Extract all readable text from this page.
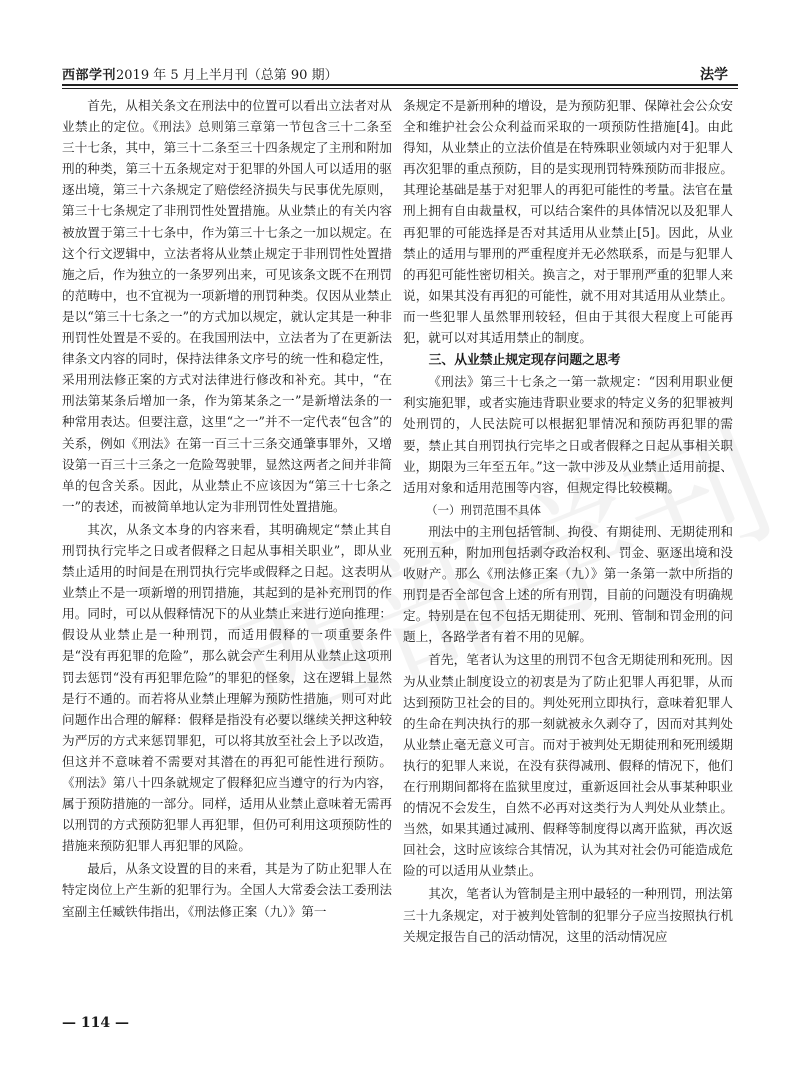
西部学刊2019 年 5 月上半月刊（总第 90 期）	法学

首先，从相关条文在刑法中的位置可以看出立法者对从业禁止的定位。《刑法》总则第三章第一节包含三十二条至三十七条，其中，第三十二条至三十四条规定了主刑和附加刑的种类，第三十五条规定对于犯罪的外国人可以适用的驱逐出境，第三十六条规定了赔偿经济损失与民事优先原则，第三十七条规定了非刑罚性处置措施。从业禁止的有关内容被放置于第三十七条中，作为第三十七条之一加以规定。在这个行文逻辑中，立法者将从业禁止规定于非刑罚性处置措施之后，作为独立的一条罗列出来，可见该条文既不在刑罚的范畴中，也不宜视为一项新增的刑罚种类。仅因从业禁止是以“第三十七条之一”的方式加以规定，就认定其是一种非刑罚性处置是不妥的。在我国刑法中，立法者为了在更新法律条文内容的同时，保持法律条文序号的统一性和稳定性，采用刑法修正案的方式对法律进行修改和补充。其中，“在刑法第某条后增加一条，作为第某条之一”是新增法条的一种常用表达。但要注意，这里“之一”并不一定代表“包含”的关系，例如《刑法》在第一百三十三条交通肇事罪外，又增设第一百三十三条之一危险驾驶罪，显然这两者之间并非简单的包含关系。因此，从业禁止不应该因为“第三十七条之一”的表述，而被简单地认定为非刑罚性处置措施。

其次，从条文本身的内容来看，其明确规定“禁止其自刑罚执行完毕之日或者假释之日起从事相关职业”，即从业禁止适用的时间是在刑罚执行完毕或假释之日起。这表明从业禁止不是一项新增的刑罚措施，其起到的是补充刑罚的作用。同时，可以从假释情况下的从业禁止来进行逆向推理：假设从业禁止是一种刑罚，而适用假释的一项重要条件是“没有再犯罪的危险”，那么就会产生利用从业禁止这项刑罚去惩罚“没有再犯罪危险”的罪犯的怪象，这在逻辑上显然是行不通的。而若将从业禁止理解为预防性措施，则可对此问题作出合理的解释：假释是指没有必要以继续关押这种较为严厉的方式来惩罚罪犯，可以将其放至社会上予以改造，但这并不意味着不需要对其潜在的再犯可能性进行预防。《刑法》第八十四条就规定了假释犯应当遵守的行为内容，属于预防措施的一部分。同样，适用从业禁止意味着无需再以刑罚的方式预防犯罪人再犯罪，但仍可利用这项预防性的措施来预防犯罪人再犯罪的风险。

最后，从条文设置的目的来看，其是为了防止犯罪人在特定岗位上产生新的犯罪行为。全国人大常委会法工委刑法室副主任臧铁伟指出，《刑法修正案（九）》第一

条规定不是新刑种的增设，是为预防犯罪、保障社会公众安全和维护社会公众利益而采取的一项预防性措施[4]。由此得知，从业禁止的立法价值是在特殊职业领域内对于犯罪人再次犯罪的重点预防，目的是实现刑罚特殊预防而非报应。其理论基础是基于对犯罪人的再犯可能性的考量。法官在量刑上拥有自由裁量权，可以结合案件的具体情况以及犯罪人再犯罪的可能选择是否对其适用从业禁止[5]。因此，从业禁止的适用与罪刑的严重程度并无必然联系，而是与犯罪人的再犯可能性密切相关。换言之，对于罪刑严重的犯罪人来说，如果其没有再犯的可能性，就不用对其适用从业禁止。而一些犯罪人虽然罪刑较轻，但由于其很大程度上可能再犯，就可以对其适用禁止的制度。

三、从业禁止规定现存问题之思考

《刑法》第三十七条之一第一款规定：“因利用职业便利实施犯罪，或者实施违背职业要求的特定义务的犯罪被判处刑罚的，人民法院可以根据犯罪情况和预防再犯罪的需要，禁止其自刑罚执行完毕之日或者假释之日起从事相关职业，期限为三年至五年。”这一款中涉及从业禁止适用前提、适用对象和适用范围等内容，但规定得比较模糊。

（一）刑罚范围不具体

刑法中的主刑包括管制、拘役、有期徒刑、无期徒刑和死刑五种，附加刑包括剥夺政治权利、罚金、驱逐出境和没收财产。那么《刑法修正案（九）》第一条第一款中所指的刑罚是否全部包含上述的所有刑罚，目前的问题没有明确规定。特别是在包不包括无期徒刑、死刑、管制和罚金刑的问题上，各路学者有着不用的见解。

首先，笔者认为这里的刑罚不包含无期徒刑和死刑。因为从业禁止制度设立的初衷是为了防止犯罪人再犯罪，从而达到预防卫社会的目的。判处死刑立即执行，意味着犯罪人的生命在判决执行的那一刻就被永久剥夺了，因而对其判处从业禁止毫无意义可言。而对于被判处无期徒刑和死刑缓期执行的犯罪人来说，在没有获得减刑、假释的情况下，他们在行刑期间都将在监狱里度过，重新返回社会从事某种职业的情况不会发生，自然不必再对这类行为人判处从业禁止。当然，如果其通过减刑、假释等制度得以离开监狱，再次返回社会，这时应该综合其情况，认为其对社会仍可能造成危险的可以适用从业禁止。

其次，笔者认为管制是主刑中最轻的一种刑罚，刑法第三十九条规定，对于被判处管制的犯罪分子应当按照执行机关规定报告自己的活动情况，这里的活动情况应

— 114 —
